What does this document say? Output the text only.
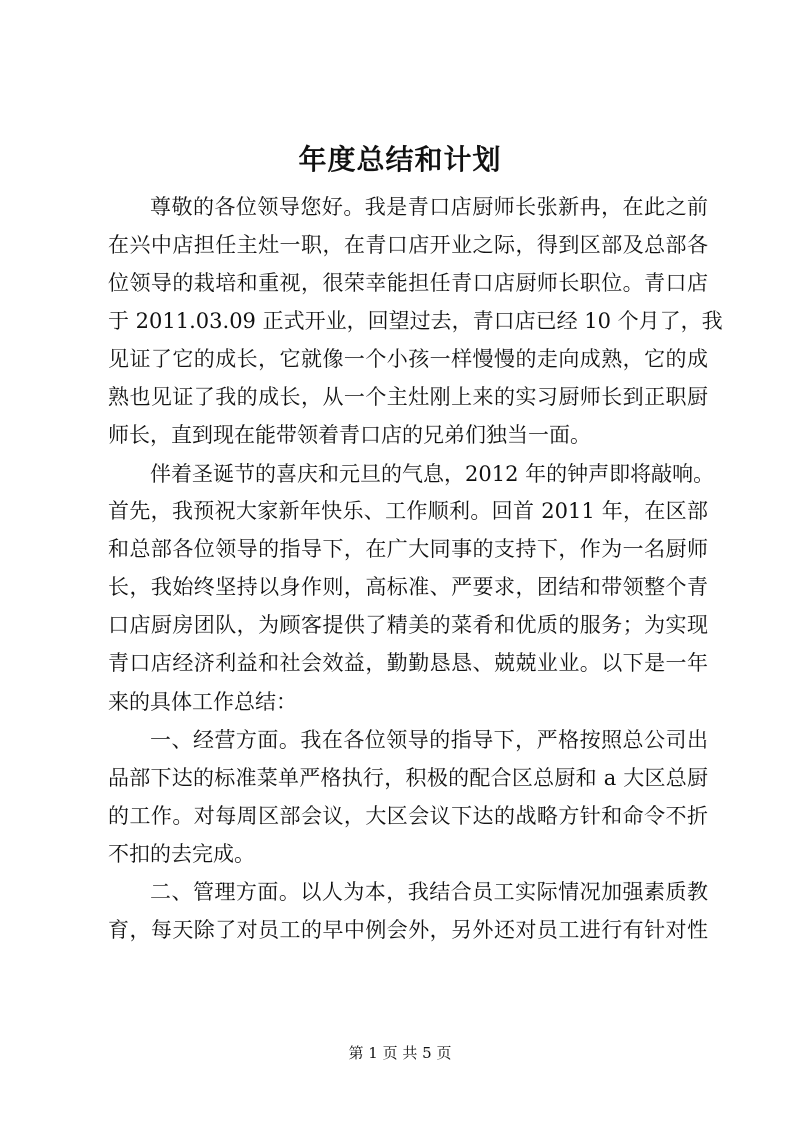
年度总结和计划
尊敬的各位领导您好。我是青口店厨师长张新冉，在此之前
在兴中店担任主灶一职，在青口店开业之际，得到区部及总部各
位领导的栽培和重视，很荣幸能担任青口店厨师长职位。青口店
于 2011.03.09 正式开业，回望过去，青口店已经 10 个月了，我
见证了它的成长，它就像一个小孩一样慢慢的走向成熟，它的成
熟也见证了我的成长，从一个主灶刚上来的实习厨师长到正职厨
师长，直到现在能带领着青口店的兄弟们独当一面。
伴着圣诞节的喜庆和元旦的气息，2012 年的钟声即将敲响。
首先，我预祝大家新年快乐、工作顺利。回首 2011 年，在区部
和总部各位领导的指导下，在广大同事的支持下，作为一名厨师
长，我始终坚持以身作则，高标准、严要求，团结和带领整个青
口店厨房团队，为顾客提供了精美的菜肴和优质的服务；为实现
青口店经济利益和社会效益，勤勤恳恳、兢兢业业。以下是一年
来的具体工作总结：
一、经营方面。我在各位领导的指导下，严格按照总公司出
品部下达的标准菜单严格执行，积极的配合区总厨和 a 大区总厨
的工作。对每周区部会议，大区会议下达的战略方针和命令不折
不扣的去完成。
二、管理方面。以人为本，我结合员工实际情况加强素质教
育，每天除了对员工的早中例会外，另外还对员工进行有针对性
第 1 页 共 5 页
